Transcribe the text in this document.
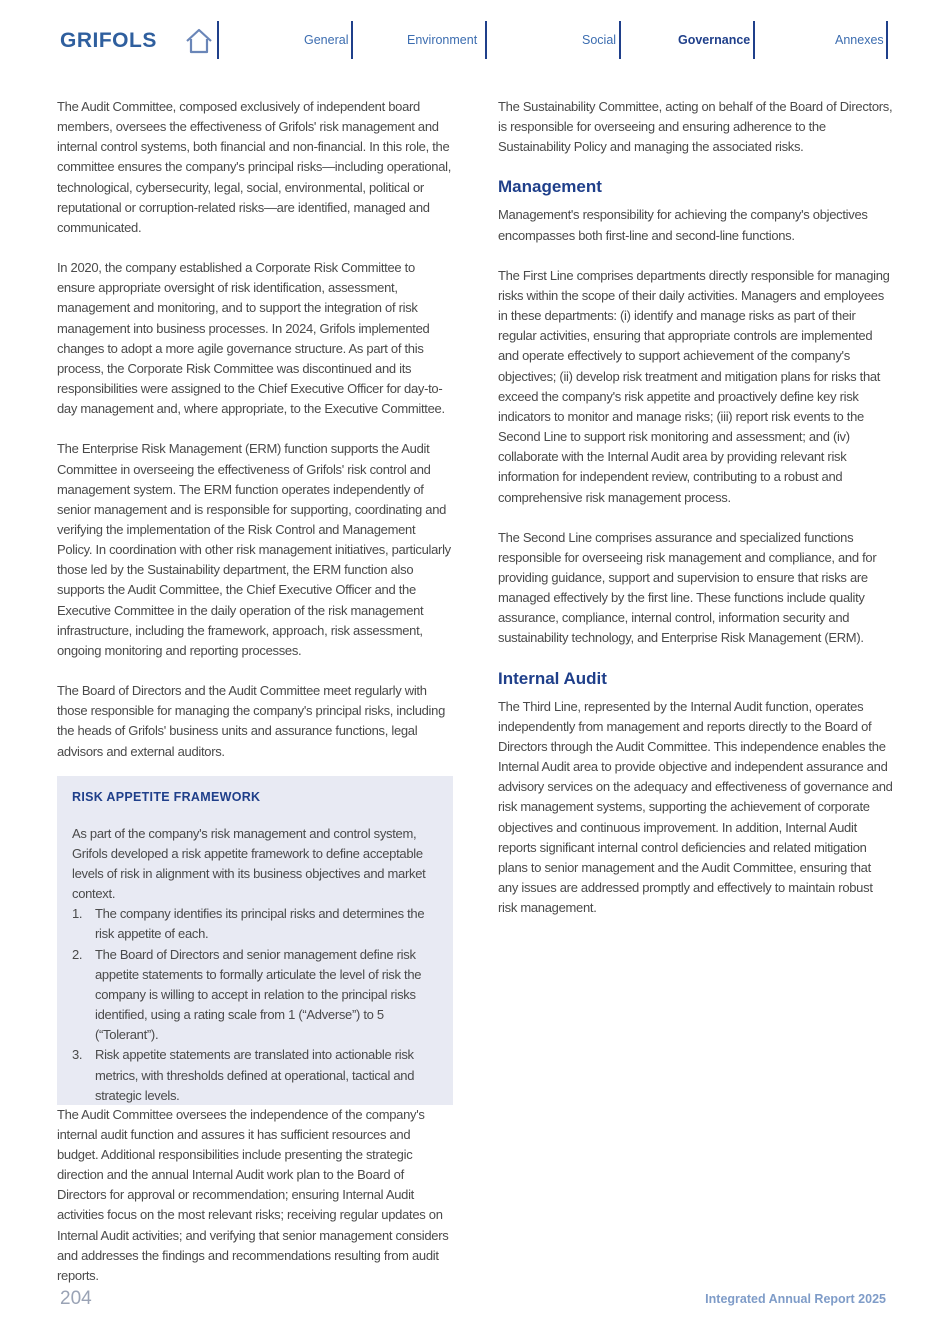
GRIFOLS	General	Environment	Social	Governance	Annexes

The Audit Committee, composed exclusively of independent board members, oversees the effectiveness of Grifols' risk management and internal control systems, both financial and non-financial. In this role, the committee ensures the company's principal risks—including operational, technological, cybersecurity, legal, social, environmental, political or reputational or corruption-related risks—are identified, managed and communicated.

In 2020, the company established a Corporate Risk Committee to ensure appropriate oversight of risk identification, assessment, management and monitoring, and to support the integration of risk management into business processes. In 2024, Grifols implemented changes to adopt a more agile governance structure. As part of this process, the Corporate Risk Committee was discontinued and its responsibilities were assigned to the Chief Executive Officer for day-to-day management and, where appropriate, to the Executive Committee.

The Enterprise Risk Management (ERM) function supports the Audit Committee in overseeing the effectiveness of Grifols' risk control and management system. The ERM function operates independently of senior management and is responsible for supporting, coordinating and verifying the implementation of the Risk Control and Management Policy. In coordination with other risk management initiatives, particularly those led by the Sustainability department, the ERM function also supports the Audit Committee, the Chief Executive Officer and the Executive Committee in the daily operation of the risk management infrastructure, including the framework, approach, risk assessment, ongoing monitoring and reporting processes.

The Board of Directors and the Audit Committee meet regularly with those responsible for managing the company's principal risks, including the heads of Grifols' business units and assurance functions, legal advisors and external auditors.

RISK APPETITE FRAMEWORK

As part of the company's risk management and control system, Grifols developed a risk appetite framework to define acceptable levels of risk in alignment with its business objectives and market context.

1. The company identifies its principal risks and determines the risk appetite of each.
2. The Board of Directors and senior management define risk appetite statements to formally articulate the level of risk the company is willing to accept in relation to the principal risks identified, using a rating scale from 1 (“Adverse”) to 5 (“Tolerant”).
3. Risk appetite statements are translated into actionable risk metrics, with thresholds defined at operational, tactical and strategic levels.

The Audit Committee oversees the independence of the company's internal audit function and assures it has sufficient resources and budget. Additional responsibilities include presenting the strategic direction and the annual Internal Audit work plan to the Board of Directors for approval or recommendation; ensuring Internal Audit activities focus on the most relevant risks; receiving regular updates on Internal Audit activities; and verifying that senior management considers and addresses the findings and recommendations resulting from audit reports.

The Sustainability Committee, acting on behalf of the Board of Directors, is responsible for overseeing and ensuring adherence to the Sustainability Policy and managing the associated risks.

Management

Management's responsibility for achieving the company's objectives encompasses both first-line and second-line functions.

The First Line comprises departments directly responsible for managing risks within the scope of their daily activities. Managers and employees in these departments: (i) identify and manage risks as part of their regular activities, ensuring that appropriate controls are implemented and operate effectively to support achievement of the company's objectives; (ii) develop risk treatment and mitigation plans for risks that exceed the company's risk appetite and proactively define key risk indicators to monitor and manage risks; (iii) report risk events to the Second Line to support risk monitoring and assessment; and (iv) collaborate with the Internal Audit area by providing relevant risk information for independent review, contributing to a robust and comprehensive risk management process.

The Second Line comprises assurance and specialized functions responsible for overseeing risk management and compliance, and for providing guidance, support and supervision to ensure that risks are managed effectively by the first line. These functions include quality assurance, compliance, internal control, information security and sustainability technology, and Enterprise Risk Management (ERM).

Internal Audit

The Third Line, represented by the Internal Audit function, operates independently from management and reports directly to the Board of Directors through the Audit Committee. This independence enables the Internal Audit area to provide objective and independent assurance and advisory services on the adequacy and effectiveness of governance and risk management systems, supporting the achievement of corporate objectives and continuous improvement. In addition, Internal Audit reports significant internal control deficiencies and related mitigation plans to senior management and the Audit Committee, ensuring that any issues are addressed promptly and effectively to maintain robust risk management.

204	Integrated Annual Report 2025
